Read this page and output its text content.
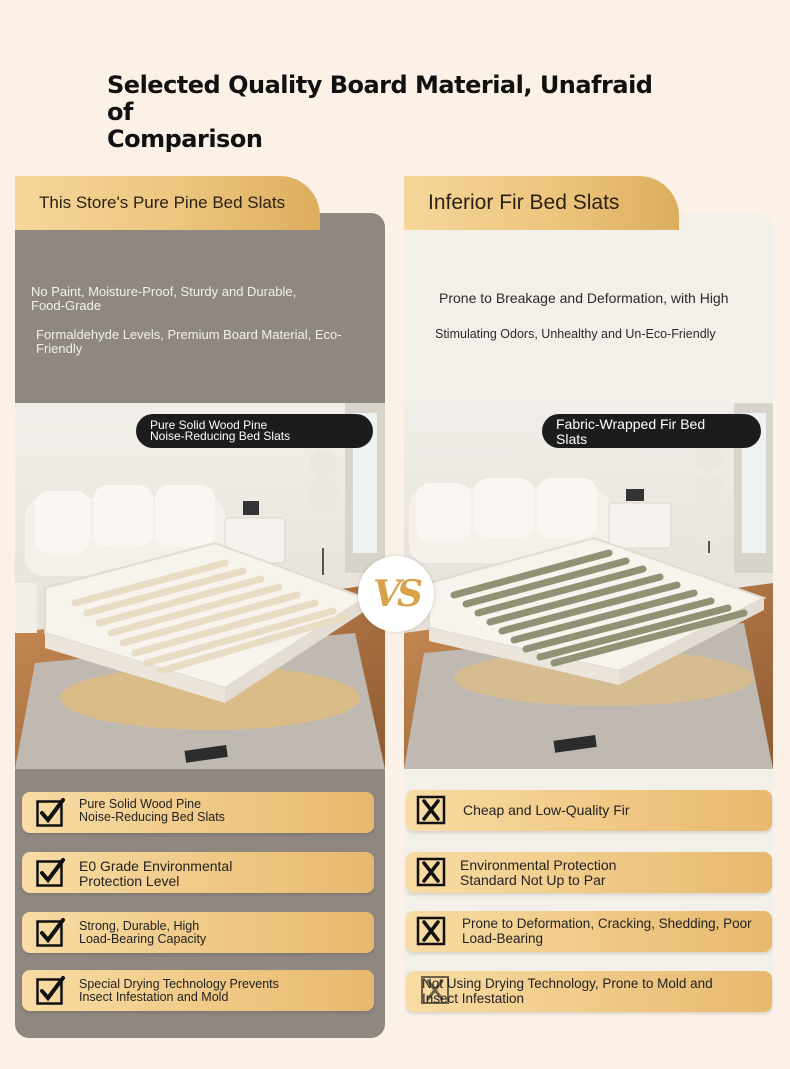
Selected Quality Board Material, Unafraid of
Comparison
This Store's Pure Pine Bed Slats
No Paint, Moisture-Proof, Sturdy and Durable,
Food-Grade
Formaldehyde Levels, Premium Board Material, Eco-Friendly
Pure Solid Wood Pine
Noise-Reducing Bed Slats
Inferior Fir Bed Slats
Prone to Breakage and Deformation, with High
Stimulating Odors, Unhealthy and Un-Eco-Friendly
Fabric-Wrapped Fir Bed
Slats
VS
Pure Solid Wood Pine
Noise-Reducing Bed Slats
E0 Grade Environmental
Protection Level
Strong, Durable, High
Load-Bearing Capacity
Special Drying Technology Prevents
Insect Infestation and Mold
Cheap and Low-Quality Fir
Environmental Protection
Standard Not Up to Par
Prone to Deformation, Cracking, Shedding, Poor
Load-Bearing
Not Using Drying Technology, Prone to Mold and
Insect Infestation
